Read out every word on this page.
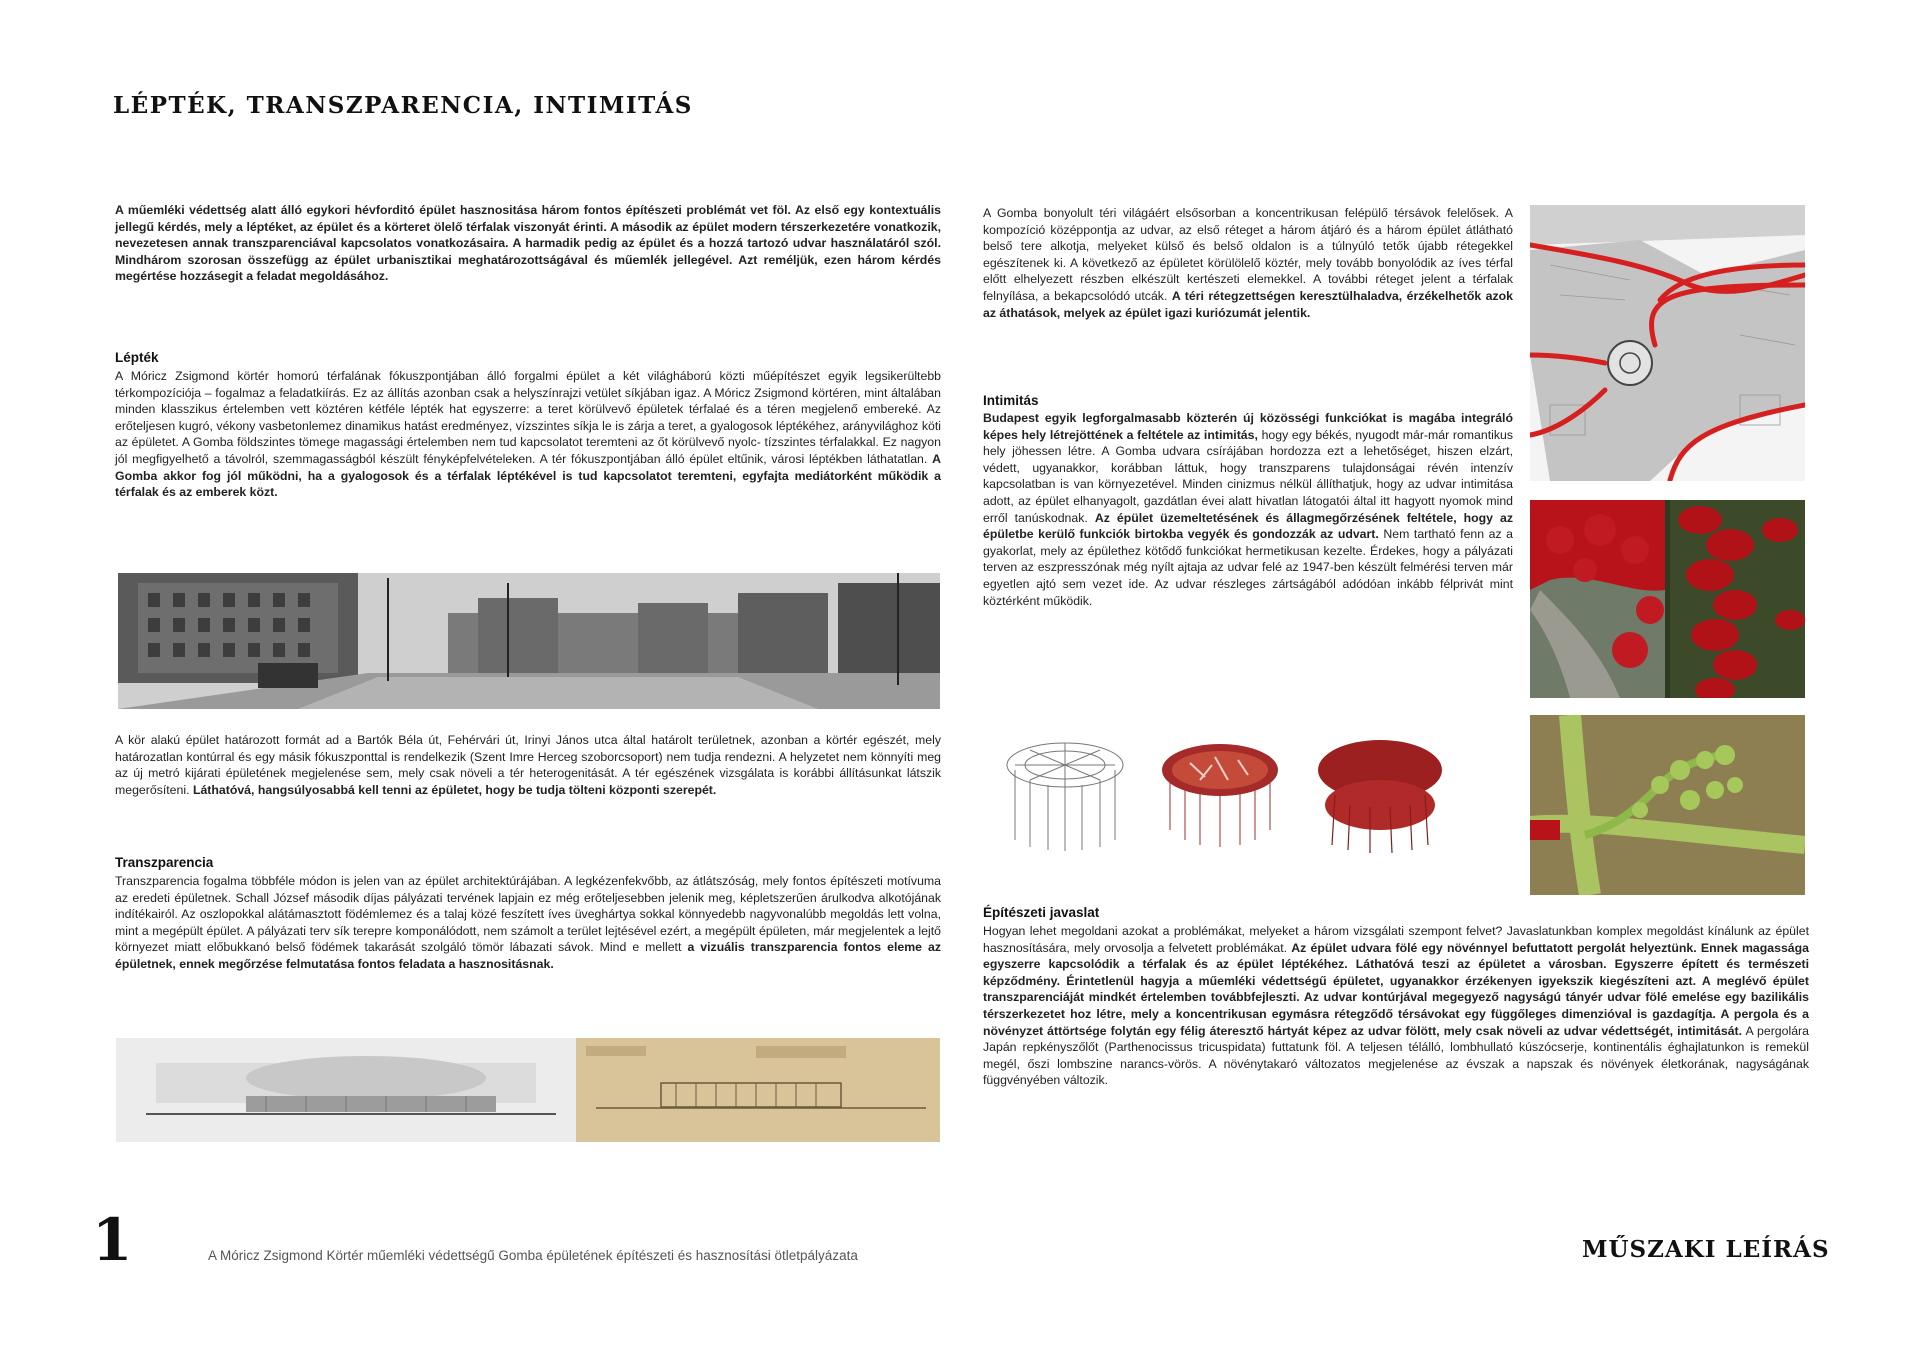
LÉPTÉK, TRANSZPARENCIA, INTIMITÁS

A műemléki védettség alatt álló egykori hévforditó épület hasznositása három fontos építészeti problémát vet föl. Az első egy kontextuális jellegű kérdés, mely a léptéket, az épület és a körteret ölelő térfalak viszonyát érinti. A második az épület modern térszerkezetére vonatkozik, nevezetesen annak transzparenciával kapcsolatos vonatkozásaira. A harmadik pedig az épület és a hozzá tartozó udvar használatáról szól. Mindhárom szorosan összefügg az épület urbanisztikai meghatározottságával és műemlék jellegével. Azt reméljük, ezen három kérdés megértése hozzásegit a feladat megoldásához.

Lépték

A Móricz Zsigmond körtér homorú térfalának fókuszpontjában álló forgalmi épület a két világháború közti műépítészet egyik legsikerültebb térkompozíciója – fogalmaz a feladatkiírás. Ez az állítás azonban csak a helyszínrajzi vetület síkjában igaz. A Móricz Zsigmond körtéren, mint általában minden klasszikus értelemben vett köztéren kétféle lépték hat egyszerre: a teret körülvevő épületek térfalaé és a téren megjelenő embereké. Az erőteljesen kugró, vékony vasbetonlemez dinamikus hatást eredményez, vízszintes síkja le is zárja a teret, a gyalogosok léptékéhez, arányvilághoz köti az épületet. A Gomba földszintes tömege magassági értelemben nem tud kapcsolatot teremteni az őt körülvevő nyolc- tízszintes térfalakkal. Ez nagyon jól megfigyelhető a távolról, szemmagasságból készült fényképfelvételeken. A tér fókuszpontjában álló épület eltűnik, városi léptékben láthatatlan. A Gomba akkor fog jól működni, ha a gyalogosok és a térfalak léptékével is tud kapcsolatot teremteni, egyfajta mediátorként működik a térfalak és az emberek közt.

A kör alakú épület határozott formát ad a Bartók Béla út, Fehérvári út, Irinyi János utca által határolt területnek, azonban a körtér egészét, mely határozatlan kontúrral és egy másik fókuszponttal is rendelkezik (Szent Imre Herceg szoborcsoport) nem tudja rendezni. A helyzetet nem könnyíti meg az új metró kijárati épületének megjelenése sem, mely csak növeli a tér heterogenitását. A tér egészének vizsgálata is korábbi állításunkat látszik megerősíteni. Láthatóvá, hangsúlyosabbá kell tenni az épületet, hogy be tudja tölteni központi szerepét.

Transzparencia

Transzparencia fogalma többféle módon is jelen van az épület architektúrájában. A legkézenfekvőbb, az átlátszóság, mely fontos építészeti motívuma az eredeti épületnek. Schall József második díjas pályázati tervének lapjain ez még erőteljesebben jelenik meg, képletszerűen árulkodva alkotójának indítékairól. Az oszlopokkal alátámasztott födémlemez és a talaj közé feszített íves üveghártya sokkal könnyedebb nagyvonalúbb megoldás lett volna, mint a megépült épület. A pályázati terv sík terepre komponálódott, nem számolt a terület lejtésével ezért, a megépült épületen, már megjelentek a lejtő környezet miatt előbukkanó belső födémek takarását szolgáló tömör lábazati sávok. Mind e mellett a vizuális transzparencia fontos eleme az épületnek, ennek megőrzése felmutatása fontos feladata a hasznositásnak.

A Gomba bonyolult téri világáért elsősorban a koncentrikusan felépülő térsávok felelősek. A kompozíció középpontja az udvar, az első réteget a három átjáró és a három épület átlátható belső tere alkotja, melyeket külső és belső oldalon is a túlnyúló tetők újabb rétegekkel egészítenek ki. A következő az épületet körülölelő köztér, mely tovább bonyolódik az íves térfal előtt elhelyezett részben elkészült kertészeti elemekkel. A további réteget jelent a térfalak felnyílása, a bekapcsolódó utcák. A téri rétegzettségen keresztülhaladva, érzékelhetők azok az áthatások, melyek az épület igazi kuriózumát jelentik.

Intimitás

Budapest egyik legforgalmasabb közterén új közösségi funkciókat is magába integráló képes hely létrejöttének a feltétele az intimitás, hogy egy békés, nyugodt már-már romantikus hely jöhessen létre. A Gomba udvara csírájában hordozza ezt a lehetőséget, hiszen elzárt, védett, ugyanakkor, korábban láttuk, hogy transzparens tulajdonságai révén intenzív kapcsolatban is van környezetével. Minden cinizmus nélkül állíthatjuk, hogy az udvar intimitása adott, az épület elhanyagolt, gazdátlan évei alatt hivatlan látogatói által itt hagyott nyomok mind erről tanúskodnak. Az épület üzemeltetésének és állagmegőrzésének feltétele, hogy az épületbe kerülő funkciók birtokba vegyék és gondozzák az udvart. Nem tartható fenn az a gyakorlat, mely az épülethez kötődő funkciókat hermetikusan kezelte. Érdekes, hogy a pályázati terven az eszpresszónak még nyílt ajtaja az udvar felé az 1947-ben készült felmérési terven már egyetlen ajtó sem vezet ide. Az udvar részleges zártságából adódóan inkább félprivát mint köztérként működik.

Építészeti javaslat

Hogyan lehet megoldani azokat a problémákat, melyeket a három vizsgálati szempont felvet? Javaslatunkban komplex megoldást kínálunk az épület hasznosítására, mely orvosolja a felvetett problémákat. Az épület udvara fölé egy növénnyel befuttatott pergolát helyeztünk. Ennek magassága egyszerre kapcsolódik a térfalak és az épület léptékéhez. Láthatóvá teszi az épületet a városban. Egyszerre épített és természeti képződmény. Érintetlenül hagyja a műemléki védettségű épületet, ugyanakkor érzékenyen igyekszik kiegészíteni azt. A meglévő épület transzparenciáját mindkét értelemben továbbfejleszti. Az udvar kontúrjával megegyező nagyságú tányér udvar fölé emelése egy bazilikális térszerkezetet hoz létre, mely a koncentrikusan egymásra rétegződő térsávokat egy függőleges dimenzióval is gazdagítja. A pergola és a növényzet áttörtsége folytán egy félig áteresztő hártyát képez az udvar fölött, mely csak növeli az udvar védettségét, intimitását. A pergolára Japán repkényszőlőt (Parthenocissus tricuspidata) futtatunk föl. A teljesen télálló, lombhullató kúszócserje, kontinentális éghajlatunkon is remekül megél, őszi lombszine narancs-vörös. A növénytakaró változatos megjelenése az évszak a napszak és növények életkorának, nagyságának függvényében változik.

1	A Móricz Zsigmond Körtér műemléki védettségű Gomba épületének építészeti és hasznosítási ötletpályázata	MŰSZAKI LEÍRÁS
